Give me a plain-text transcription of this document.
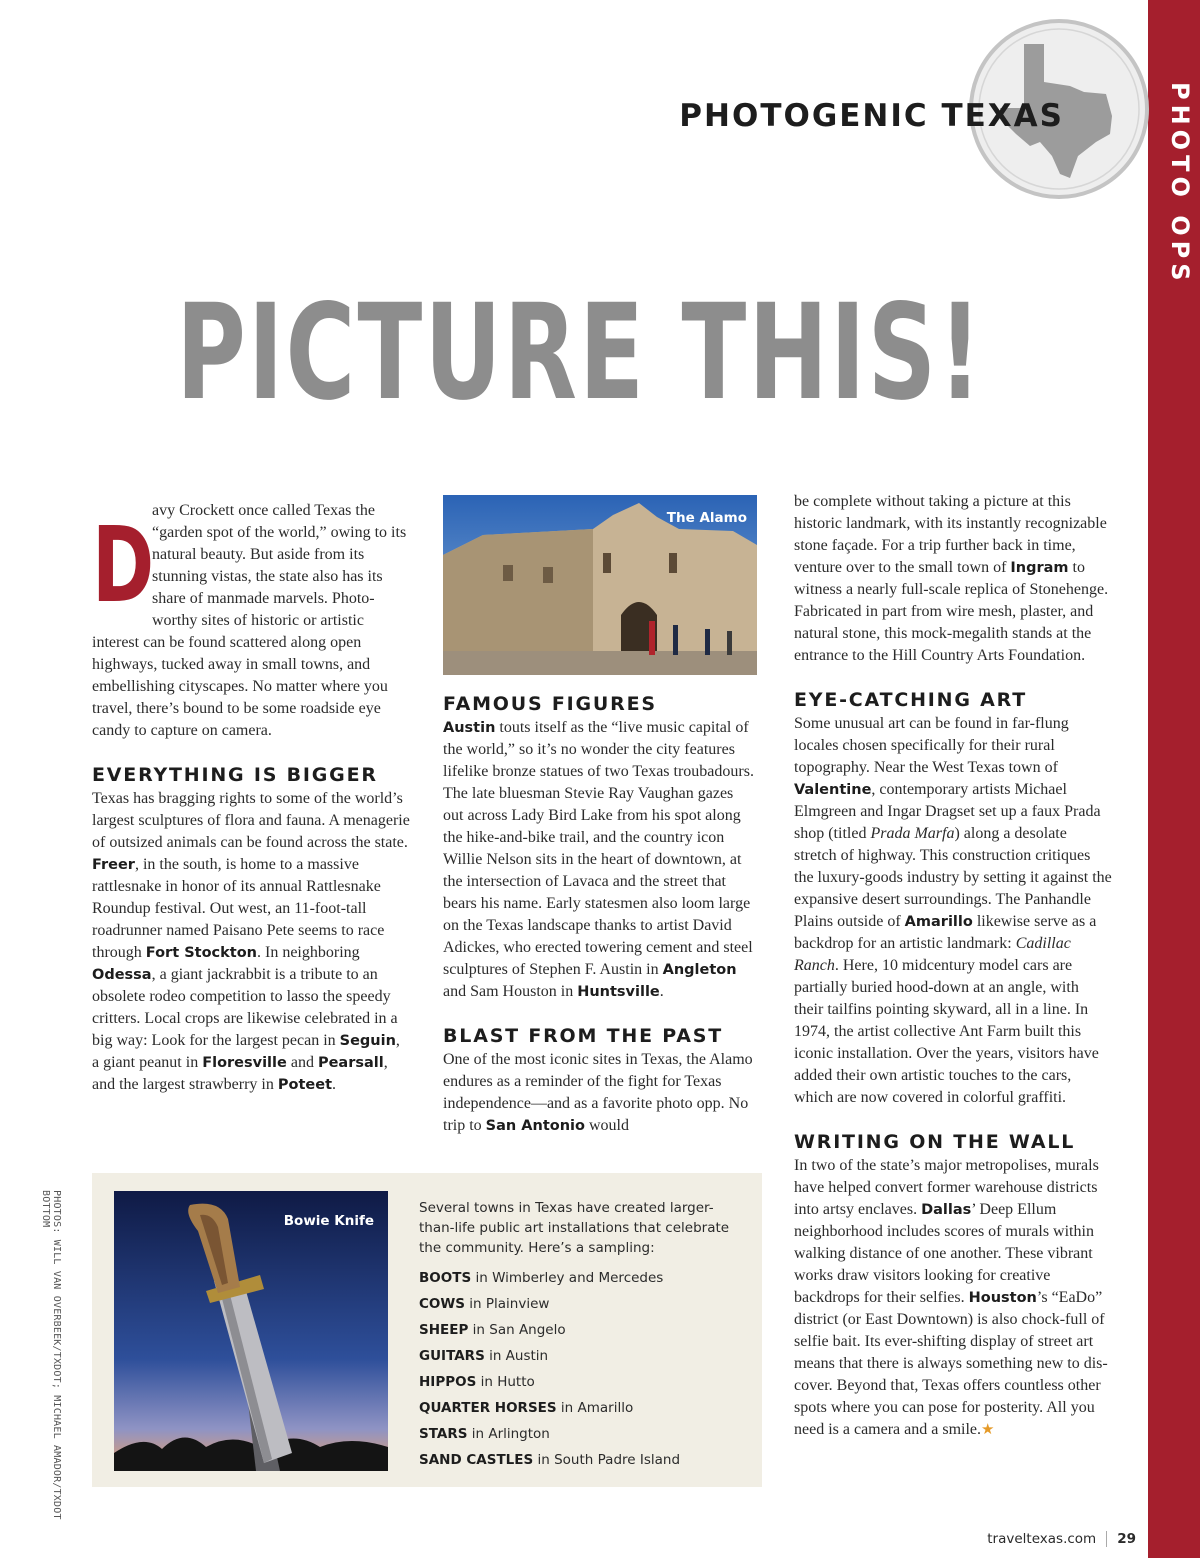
PHOTO OPS
PHOTOGENIC TEXAS
PICTURE THIS!

D
avy Crockett once called Texas the “garden spot of the world,” owing to its natural beauty. But aside from its stunning vistas, the state also has its share of manmade marvels. Photo-worthy sites of historic or artistic interest can be found scattered along open highways, tucked away in small towns, and embellishing cityscapes. No matter where you travel, there’s bound to be some roadside eye candy to capture on camera.

EVERYTHING IS BIGGER

Texas has bragging rights to some of the world’s largest sculptures of flora and fauna. A menagerie of outsized animals can be found across the state. Freer, in the south, is home to a massive rattlesnake in honor of its annual Rattlesnake Roundup festival. Out west, an 11-foot-tall roadrunner named Paisano Pete seems to race through Fort Stockton. In neighboring Odessa, a giant jackrabbit is a tribute to an obsolete rodeo competition to lasso the speedy critters. Local crops are likewise celebrated in a big way: Look for the largest pecan in Seguin, a giant peanut in Floresville and Pearsall, and the largest strawberry in Poteet.

The Alamo
FAMOUS FIGURES

Austin touts itself as the “live music capital of the world,” so it’s no wonder the city features lifelike bronze statues of two Texas troubadours. The late bluesman Stevie Ray Vaughan gazes out across Lady Bird Lake from his spot along the hike-and-bike trail, and the country icon Willie Nelson sits in the heart of downtown, at the intersection of Lavaca and the street that bears his name. Early statesmen also loom large on the Texas landscape thanks to artist David Adickes, who erected towering cement and steel sculptures of Stephen F. Austin in Angleton and Sam Houston in Huntsville.

BLAST FROM THE PAST

One of the most iconic sites in Texas, the Alamo endures as a reminder of the fight for Texas independence—and as a favorite photo opp. No trip to San Antonio would

be complete without taking a picture at this historic landmark, with its instantly recognizable stone façade. For a trip further back in time, venture over to the small town of Ingram to witness a nearly full-scale replica of Stonehenge. Fabricated in part from wire mesh, plaster, and natural stone, this mock-megalith stands at the entrance to the Hill Country Arts Foundation.

EYE-CATCHING ART

Some unusual art can be found in far-flung locales chosen specifically for their rural topography. Near the West Texas town of Valentine, contemporary artists Michael Elmgreen and Ingar Dragset set up a faux Prada shop (titled Prada Marfa) along a desolate stretch of highway. This construction critiques the luxury-goods industry by setting it against the expansive desert surroundings. The Panhandle Plains outside of Amarillo likewise serve as a backdrop for an artistic landmark: Cadillac Ranch. Here, 10 midcentury model cars are partially buried hood-down at an angle, with their tailfins pointing skyward, all in a line. In 1974, the artist collective Ant Farm built this iconic installation. Over the years, visitors have added their own artistic touches to the cars, which are now covered in colorful graffiti.

WRITING ON THE WALL

In two of the state’s major metropolises, murals have helped convert former warehouse districts into artsy enclaves. Dallas’ Deep Ellum neighborhood includes scores of murals within walking distance of one another. These vibrant works draw visitors looking for creative backdrops for their selfies. Houston’s “EaDo” district (or East Downtown) is also chock-full of selfie bait. Its ever-shifting display of street art means that there is always something new to discover. Beyond that, Texas offers countless other spots where you can pose for posterity. All you need is a camera and a smile.★

Bowie Knife

Several towns in Texas have created larger-than-life public art installations that celebrate the community. Here’s a sampling:

BOOTS in Wimberley and Mercedes
COWS in Plainview
SHEEP in San Angelo
GUITARS in Austin
HIPPOS in Hutto
QUARTER HORSES in Amarillo
STARS in Arlington
SAND CASTLES in South Padre Island
PHOTOS: WILL VAN OVERBEEK/TXDOT; MICHAEL AMADOR/TXDOT BOTTOM
traveltexas.com 29
